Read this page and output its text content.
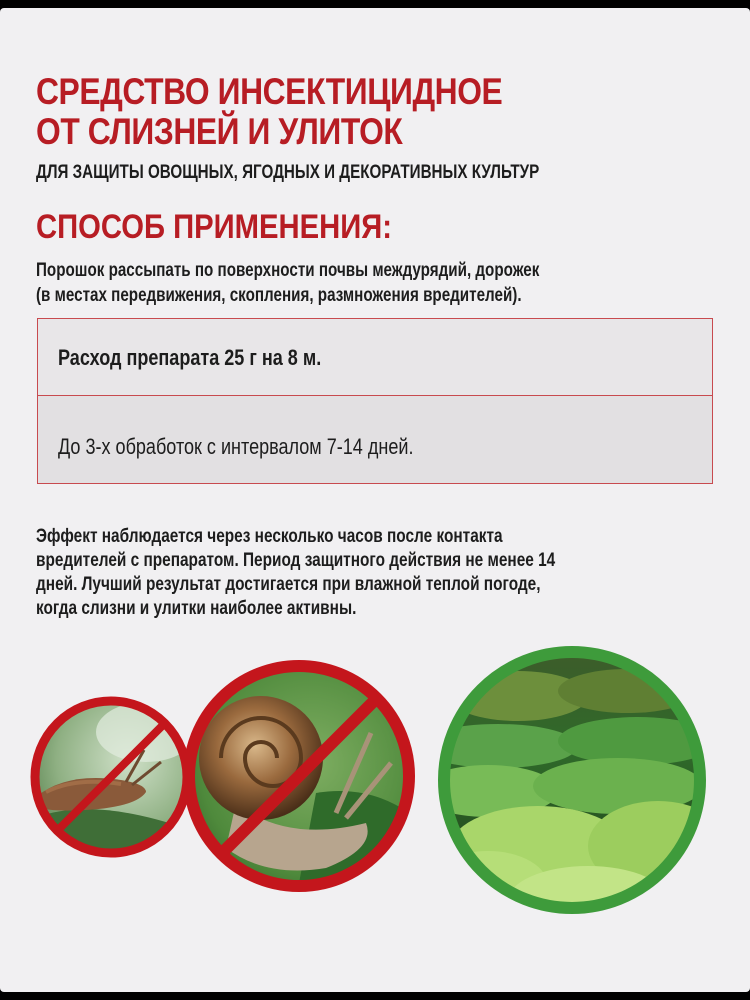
СРЕДСТВО ИНСЕКТИЦИДНОЕ
ОТ СЛИЗНЕЙ И УЛИТОК
ДЛЯ ЗАЩИТЫ ОВОЩНЫХ, ЯГОДНЫХ И ДЕКОРАТИВНЫХ КУЛЬТУР
СПОСОБ ПРИМЕНЕНИЯ:
Порошок рассыпать по поверхности почвы междурядий, дорожек
(в местах передвижения, скопления, размножения вредителей).
Расход препарата 25 г на 8 м.
До 3-х обработок с интервалом 7-14 дней.
Эффект наблюдается через несколько часов после контакта
вредителей с препаратом. Период защитного действия не менее 14
дней. Лучший результат достигается при влажной теплой погоде,
когда слизни и улитки наиболее активны.
